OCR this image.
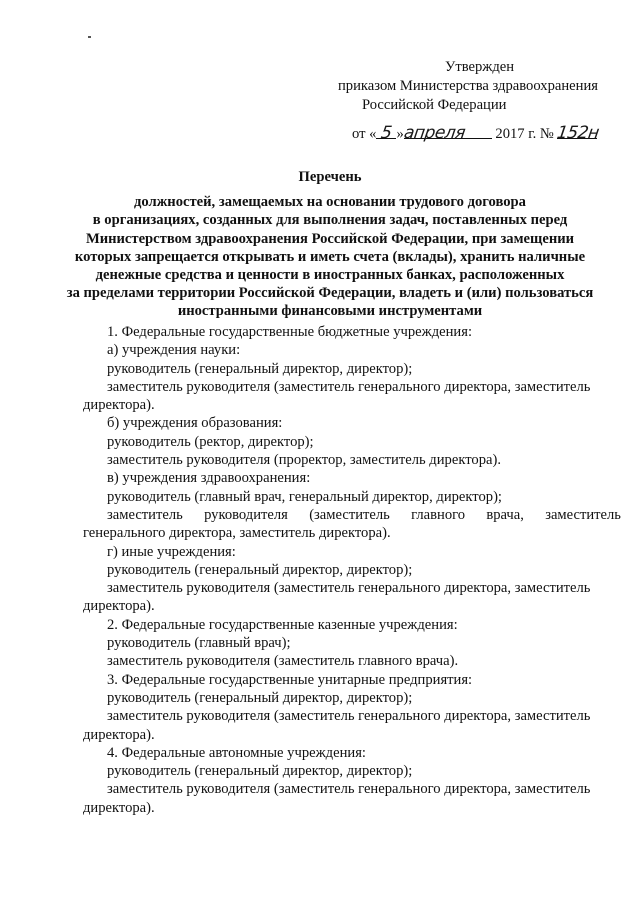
Утвержден
приказом Министерства здравоохранения
Российской Федерации
от « 5 »апреля 2017 г. № 152н
Перечень
должностей, замещаемых на основании трудового договора
в организациях, созданных для выполнения задач, поставленных перед
Министерством здравоохранения Российской Федерации, при замещении
которых запрещается открывать и иметь счета (вклады), хранить наличные
денежные средства и ценности в иностранных банках, расположенных
за пределами территории Российской Федерации, владеть и (или) пользоваться
иностранными финансовыми инструментами
1. Федеральные государственные бюджетные учреждения:
а) учреждения науки:
руководитель (генеральный директор, директор);
заместитель руководителя (заместитель генерального директора, заместитель
директора).
б) учреждения образования:
руководитель (ректор, директор);
заместитель руководителя (проректор, заместитель директора).
в) учреждения здравоохранения:
руководитель (главный врач, генеральный директор, директор);
заместитель руководителя (заместитель главного врача, заместитель
генерального директора, заместитель директора).
г) иные учреждения:
руководитель (генеральный директор, директор);
заместитель руководителя (заместитель генерального директора, заместитель
директора).
2. Федеральные государственные казенные учреждения:
руководитель (главный врач);
заместитель руководителя (заместитель главного врача).
3. Федеральные государственные унитарные предприятия:
руководитель (генеральный директор, директор);
заместитель руководителя (заместитель генерального директора, заместитель
директора).
4. Федеральные автономные учреждения:
руководитель (генеральный директор, директор);
заместитель руководителя (заместитель генерального директора, заместитель
директора).
